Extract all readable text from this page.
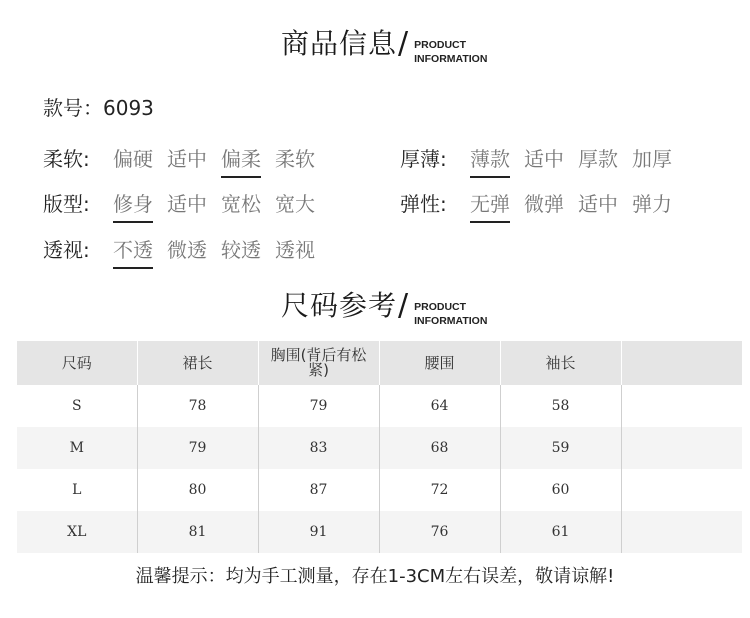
商品信息 / PRODUCT
INFORMATION
款号：6093
柔软:	偏硬 适中 偏柔 柔软	厚薄:	薄款 适中 厚款 加厚
版型:	修身 适中 宽松 宽大	弹性:	无弹 微弹 适中 弹力
透视:	不透 微透 较透 透视
尺码参考 / PRODUCT
INFORMATION
尺码	裙长	胸围(背后有松紧)	腰围	袖长	
S	78	79	64	58	
M	79	83	68	59	
L	80	87	72	60	
XL	81	91	76	61	
温馨提示：均为手工测量，存在1-3CM左右误差，敬请谅解!
